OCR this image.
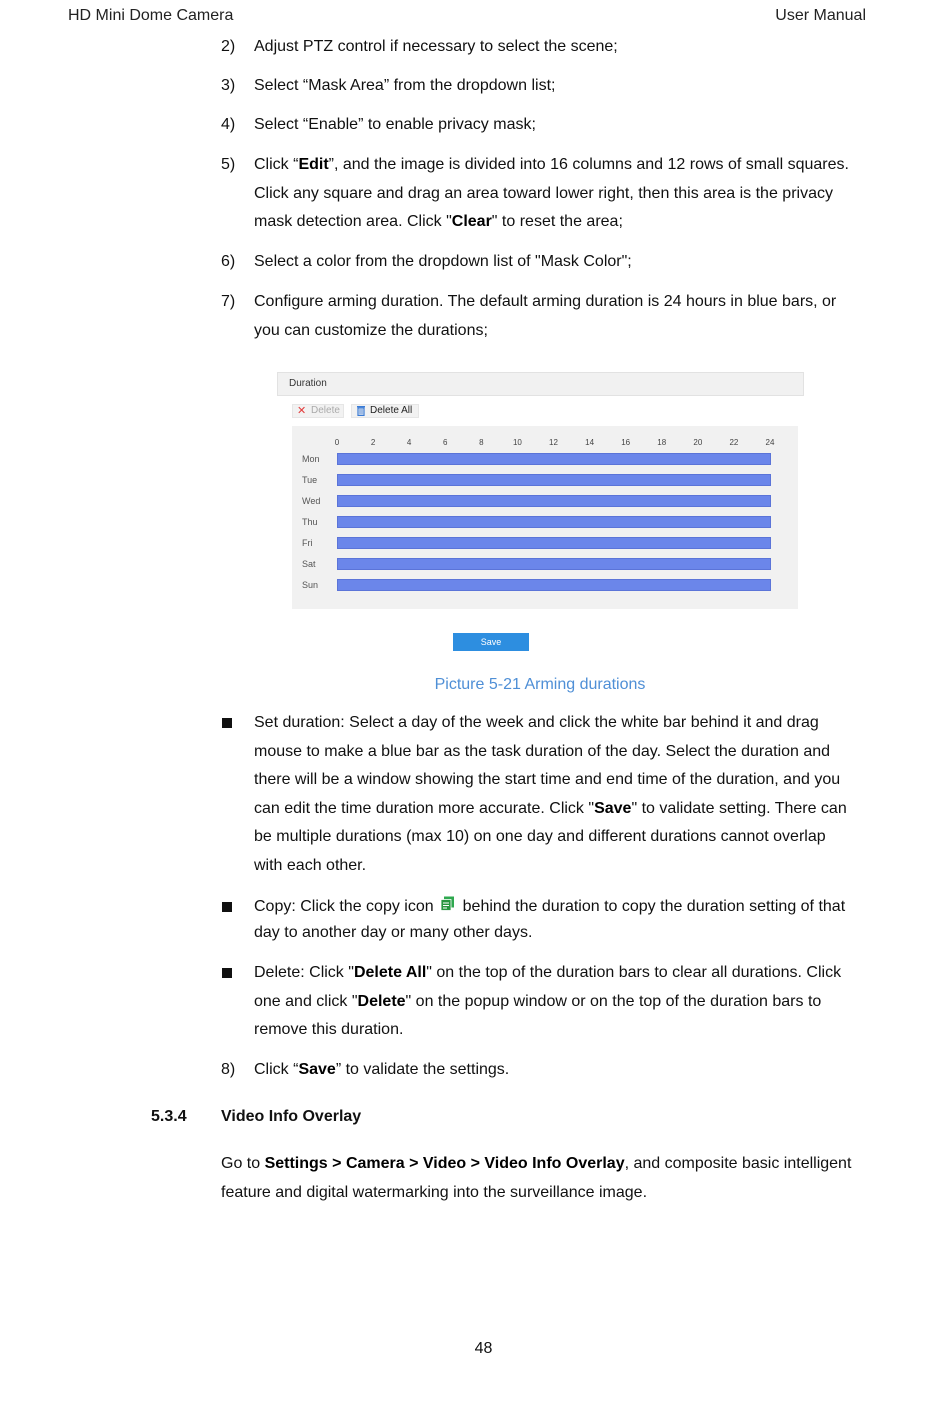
HD Mini Dome Camera	User Manual
2)	Adjust PTZ control if necessary to select the scene;
3)	Select “Mask Area” from the dropdown list;
4)	Select “Enable” to enable privacy mask;
5)	Click “Edit”, and the image is divided into 16 columns and 12 rows of small squares.
Click any square and drag an area toward lower right, then this area is the privacy
mask detection area. Click "Clear" to reset the area;
6)	Select a color from the dropdown list of "Mask Color";
7)	Configure arming duration. The default arming duration is 24 hours in blue bars, or
you can customize the durations;
Duration
✕ Delete	Delete All
0	2	4	6	8	10	12	14	16	18	20	22	24
Mon
Tue
Wed
Thu
Fri
Sat
Sun
Save
Picture 5-21 Arming durations
Set duration: Select a day of the week and click the white bar behind it and drag
mouse to make a blue bar as the task duration of the day. Select the duration and
there will be a window showing the start time and end time of the duration, and you
can edit the time duration more accurate. Click "Save" to validate setting. There can
be multiple durations (max 10) on one day and different durations cannot overlap
with each other.
Copy: Click the copy icon behind the duration to copy the duration setting of that
day to another day or many other days.
Delete: Click "Delete All" on the top of the duration bars to clear all durations. Click
one and click "Delete" on the popup window or on the top of the duration bars to
remove this duration.
8)	Click “Save” to validate the settings.
5.3.4 Video Info Overlay
Go to Settings > Camera > Video > Video Info Overlay, and composite basic intelligent
feature and digital watermarking into the surveillance image.
48
